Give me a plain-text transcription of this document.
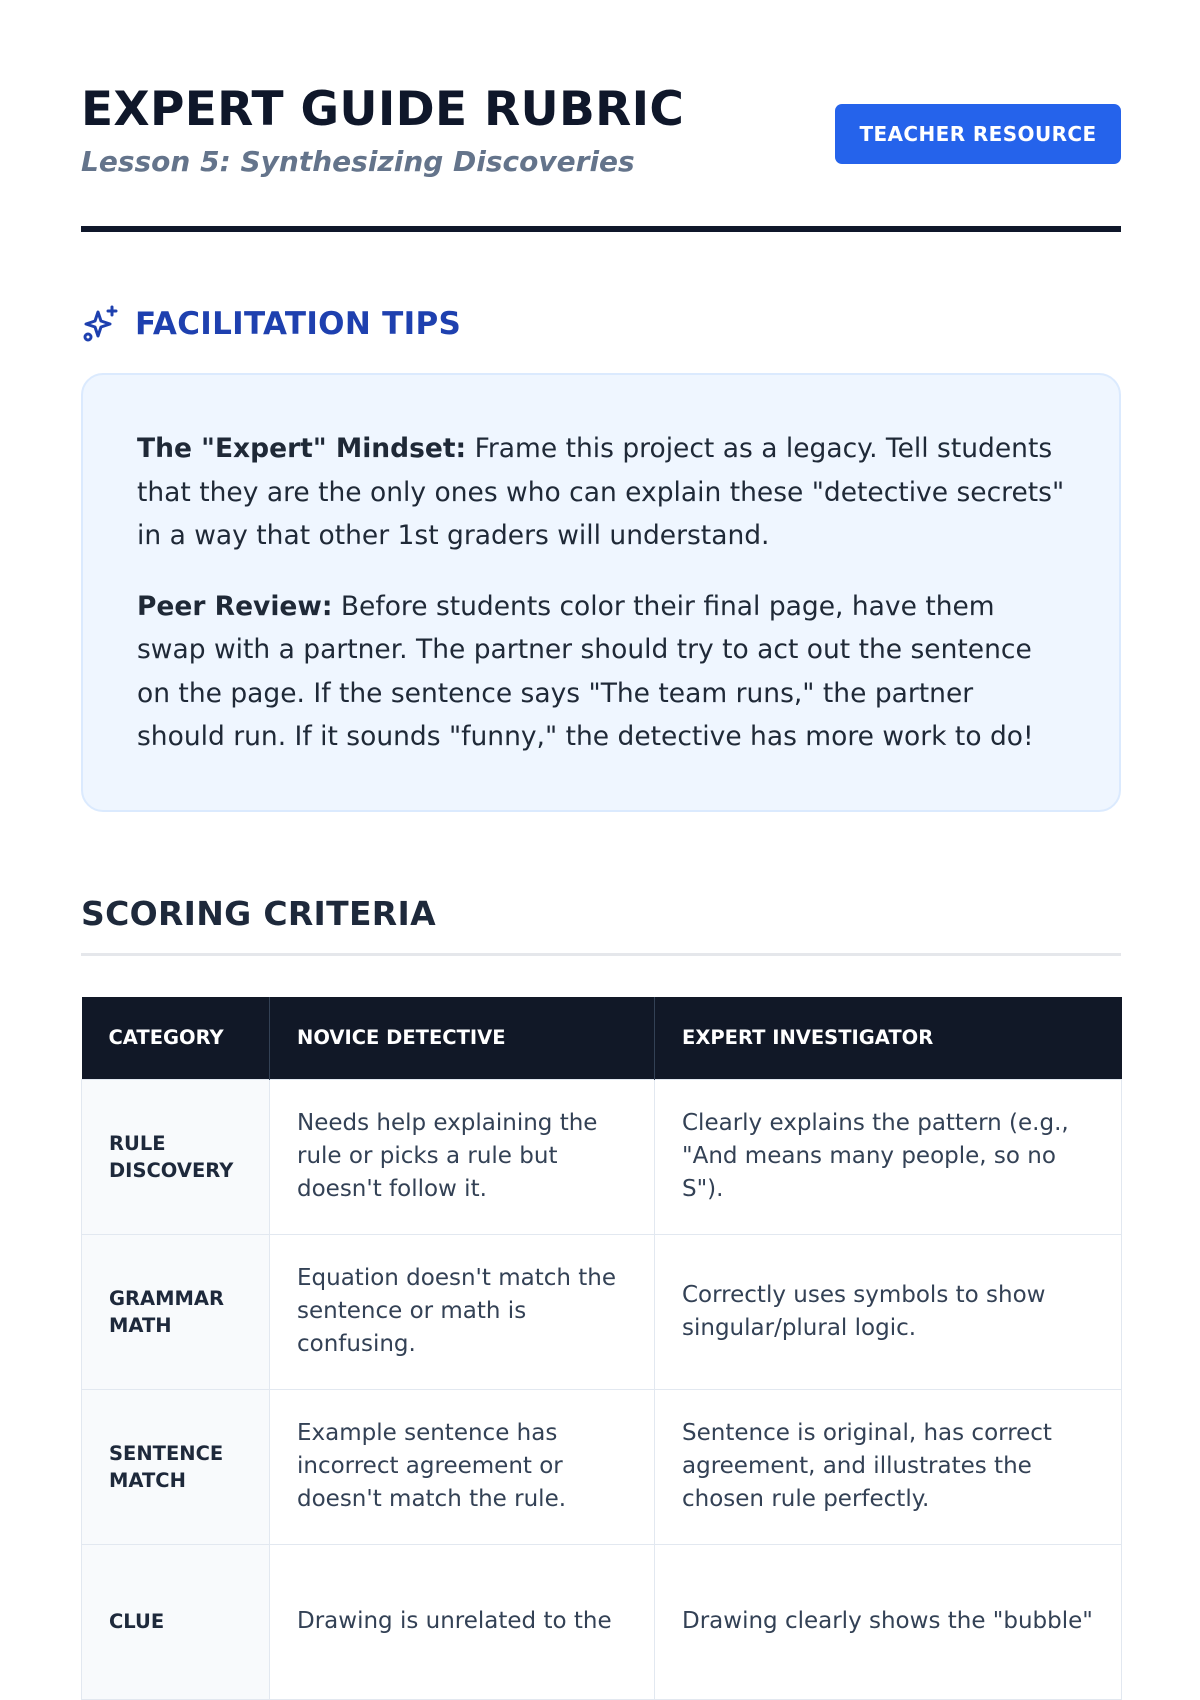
EXPERT GUIDE RUBRIC

Lesson 5: Synthesizing Discoveries

TEACHER RESOURCE
FACILITATION TIPS

The "Expert" Mindset: Frame this project as a legacy. Tell students that they are the only ones who can explain these "detective secrets" in a way that other 1st graders will understand.

Peer Review: Before students color their final page, have them swap with a partner. The partner should try to act out the sentence on the page. If the sentence says "The team runs," the partner should run. If it sounds "funny," the detective has more work to do!

SCORING CRITERIA
CATEGORY	NOVICE DETECTIVE	EXPERT INVESTIGATOR
RULE DISCOVERY	Needs help explaining the rule or picks a rule but doesn't follow it.	Clearly explains the pattern (e.g., "And means many people, so no S").
GRAMMAR MATH	Equation doesn't match the sentence or math is confusing.	Correctly uses symbols to show singular/plural logic.
SENTENCE MATCH	Example sentence has incorrect agreement or doesn't match the rule.	Sentence is original, has correct agreement, and illustrates the chosen rule perfectly.
CLUE	Drawing is unrelated to the	Drawing clearly shows the "bubble"
